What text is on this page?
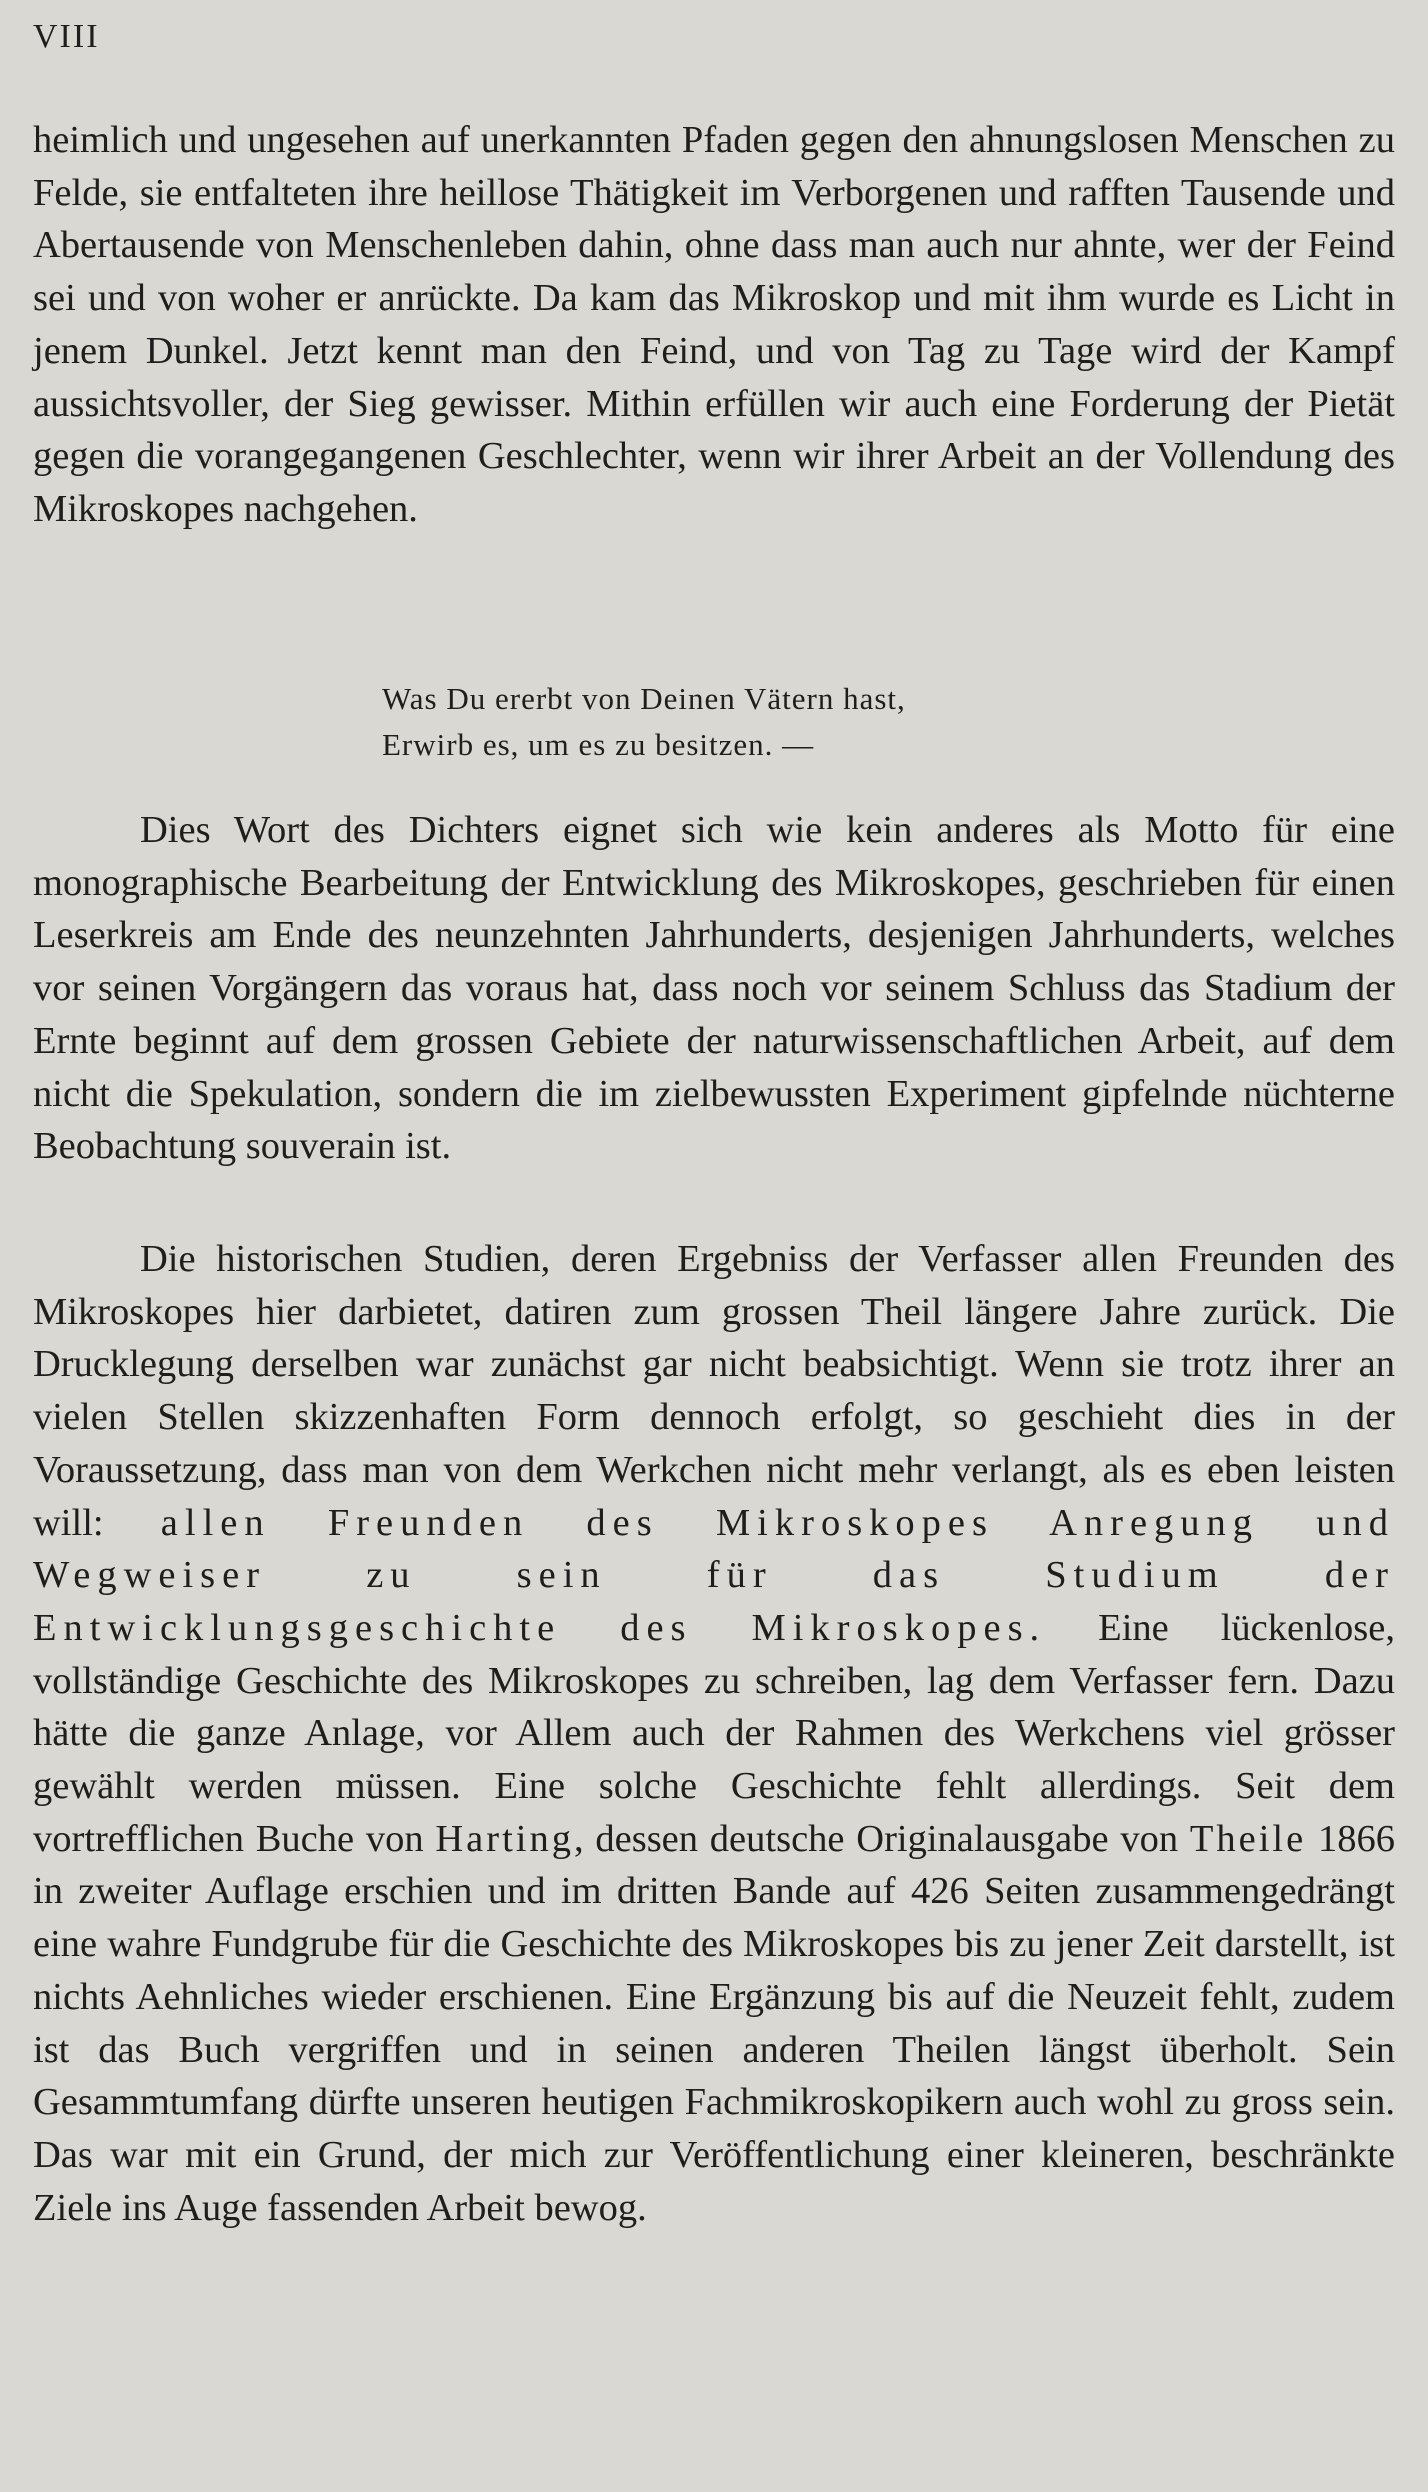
VIII

heimlich und ungesehen auf unerkannten Pfaden gegen den ahnungslosen Menschen zu Felde, sie entfalteten ihre heillose Thätigkeit im Verborgenen und rafften Tausende und Abertausende von Menschenleben dahin, ohne dass man auch nur ahnte, wer der Feind sei und von woher er anrückte. Da kam das Mikroskop und mit ihm wurde es Licht in jenem Dunkel. Jetzt kennt man den Feind, und von Tag zu Tage wird der Kampf aussichtsvoller, der Sieg gewisser. Mithin erfüllen wir auch eine Forderung der Pietät gegen die vorangegangenen Geschlechter, wenn wir ihrer Arbeit an der Vollendung des Mikroskopes nachgehen.

Was Du ererbt von Deinen Vätern hast,
Erwirb es, um es zu besitzen. —

Dies Wort des Dichters eignet sich wie kein anderes als Motto für eine monographische Bearbeitung der Entwicklung des Mikroskopes, geschrieben für einen Leserkreis am Ende des neunzehnten Jahrhunderts, desjenigen Jahrhunderts, welches vor seinen Vorgängern das voraus hat, dass noch vor seinem Schluss das Stadium der Ernte beginnt auf dem grossen Gebiete der naturwissenschaftlichen Arbeit, auf dem nicht die Spekulation, sondern die im zielbewussten Experiment gipfelnde nüchterne Beobachtung souverain ist.

Die historischen Studien, deren Ergebniss der Verfasser allen Freunden des Mikroskopes hier darbietet, datiren zum grossen Theil längere Jahre zurück. Die Drucklegung derselben war zunächst gar nicht beabsichtigt. Wenn sie trotz ihrer an vielen Stellen skizzenhaften Form dennoch erfolgt, so geschieht dies in der Voraussetzung, dass man von dem Werkchen nicht mehr verlangt, als es eben leisten will: allen Freunden des Mikroskopes Anregung und Wegweiser zu sein für das Studium der Entwicklungsgeschichte des Mikroskopes. Eine lückenlose, vollständige Geschichte des Mikroskopes zu schreiben, lag dem Verfasser fern. Dazu hätte die ganze Anlage, vor Allem auch der Rahmen des Werkchens viel grösser gewählt werden müssen. Eine solche Geschichte fehlt allerdings. Seit dem vortrefflichen Buche von Harting, dessen deutsche Originalausgabe von Theile 1866 in zweiter Auflage erschien und im dritten Bande auf 426 Seiten zusammengedrängt eine wahre Fundgrube für die Geschichte des Mikroskopes bis zu jener Zeit darstellt, ist nichts Aehnliches wieder erschienen. Eine Ergänzung bis auf die Neuzeit fehlt, zudem ist das Buch vergriffen und in seinen anderen Theilen längst überholt. Sein Gesammtumfang dürfte unseren heutigen Fachmikroskopikern auch wohl zu gross sein. Das war mit ein Grund, der mich zur Veröffentlichung einer kleineren, beschränkte Ziele ins Auge fassenden Arbeit bewog.
